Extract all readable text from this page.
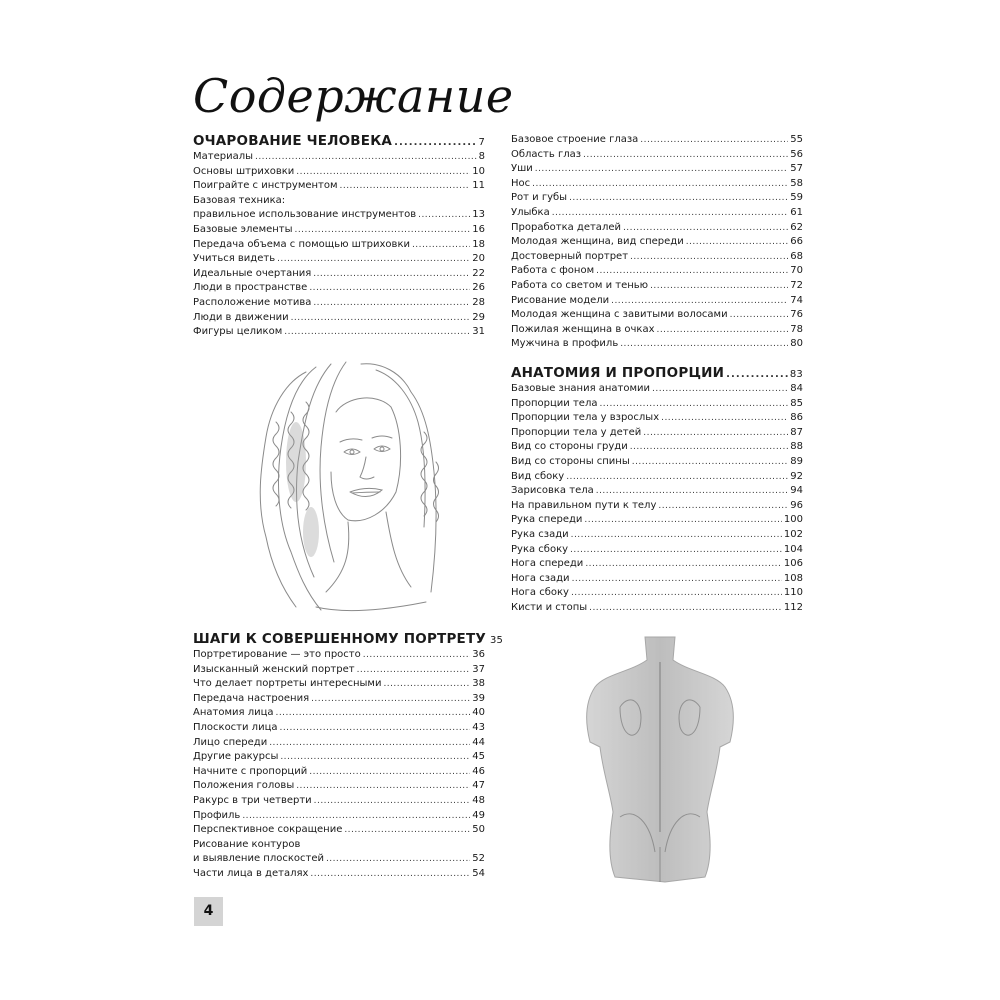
Содержание
ОЧАРОВАНИЕ ЧЕЛОВЕКА . . .	7
Материалы . . .	8
Основы штриховки . . .	10
Поиграйте с инструментом . . .	11
Базовая техника:
правильное использование инструментов . . .	13
Базовые элементы . . .	16
Передача объема с помощью штриховки . . .	18
Учиться видеть . . .	20
Идеальные очертания . . .	22
Люди в пространстве . . .	26
Расположение мотива . . .	28
Люди в движении . . .	29
Фигуры целиком . . .	31
ШАГИ К СОВЕРШЕННОМУ ПОРТРЕТУ 35
Портретирование — это просто . . .	36
Изысканный женский портрет . . .	37
Что делает портреты интересными . . .	38
Передача настроения . . .	39
Анатомия лица . . .	40
Плоскости лица . . .	43
Лицо спереди . . .	44
Другие ракурсы . . .	45
Начните с пропорций . . .	46
Положения головы . . .	47
Ракурс в три четверти . . .	48
Профиль . . .	49
Перспективное сокращение . . .	50
Рисование контуров
и выявление плоскостей . . .	52
Части лица в деталях . . .	54
Базовое строение глаза . . .	55
Область глаз . . .	56
Уши . . .	57
Нос . . .	58
Рот и губы . . .	59
Улыбка . . .	61
Проработка деталей . . .	62
Молодая женщина, вид спереди . . .	66
Достоверный портрет . . .	68
Работа с фоном . . .	70
Работа со светом и тенью . . .	72
Рисование модели . . .	74
Молодая женщина с завитыми волосами . . .	76
Пожилая женщина в очках . . .	78
Мужчина в профиль . . .	80
АНАТОМИЯ И ПРОПОРЦИИ . . .	83
Базовые знания анатомии . . .	84
Пропорции тела . . .	85
Пропорции тела у взрослых . . .	86
Пропорции тела у детей . . .	87
Вид со стороны груди . . .	88
Вид со стороны спины . . .	89
Вид сбоку . . .	92
Зарисовка тела . . .	94
На правильном пути к телу . . .	96
Рука спереди . . .	100
Рука сзади . . .	102
Рука сбоку . . .	104
Нога спереди . . .	106
Нога сзади . . .	108
Нога сбоку . . .	110
Кисти и стопы . . .	112
4
